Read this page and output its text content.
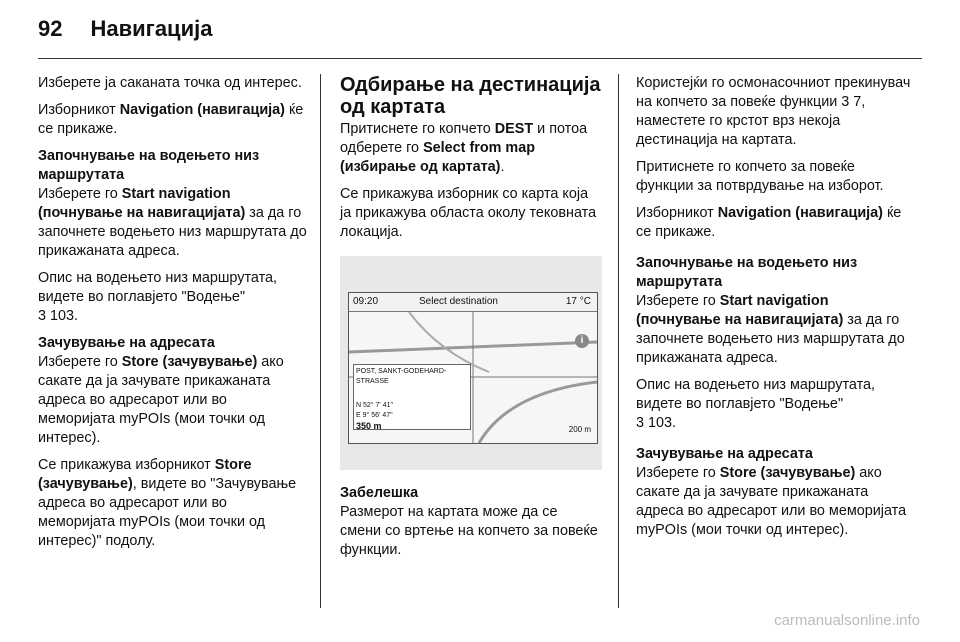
92 Навигација

Изберете ја саканата точка од интерес.

Изборникот Navigation (навигација) ќе се прикаже.

Започнување на водењето низ маршрутата
Изберете го Start navigation (почнување на навигацијата) за да го започнете водењето низ маршрутата до прикажаната адреса.

Опис на водењето низ маршрутата, видете во поглавјето "Водење"
3 103.

Зачувување на адресата
Изберете го Store (зачувување) ако сакате да ја зачувате прикажаната адреса во адресарот или во меморијата myPOIs (мои точки од интерес).

Се прикажува изборникот Store (зачувување), видете во "Зачувување адреса во адресарот или во меморијата myPOIs (мои точки од интерес)" подолу.

Одбирање на дестинација од картата

Притиснете го копчето DEST и потоа одберете го Select from map (избирање од картата).

Се прикажува изборник со карта која ја прикажува областа околу тековната локација.

09:20	Select destination	17 °C
i
POST, SANKT-GODEHARD-STRASSE
N 52° 7' 41"
E 9° 56' 47"
350 m	200 m
Забелешка

Размерот на картата може да се смени со вртење на копчето за повеќе функции.

Користејќи го осмонасочниот прекинувач на копчето за повеќе функции 3 7, наместете го крстот врз некоја дестинација на картата.

Притиснете го копчето за повеќе функции за потврдување на изборот.

Изборникот Navigation (навигација) ќе се прикаже.

Започнување на водењето низ маршрутата
Изберете го Start navigation (почнување на навигацијата) за да го започнете водењето низ маршрутата до прикажаната адреса.

Опис на водењето низ маршрутата, видете во поглавјето "Водење"
3 103.

Зачувување на адресата
Изберете го Store (зачувување) ако сакате да ја зачувате прикажаната адреса во адресарот или во меморијата myPOIs (мои точки од интерес).

carmanualsonline.info
